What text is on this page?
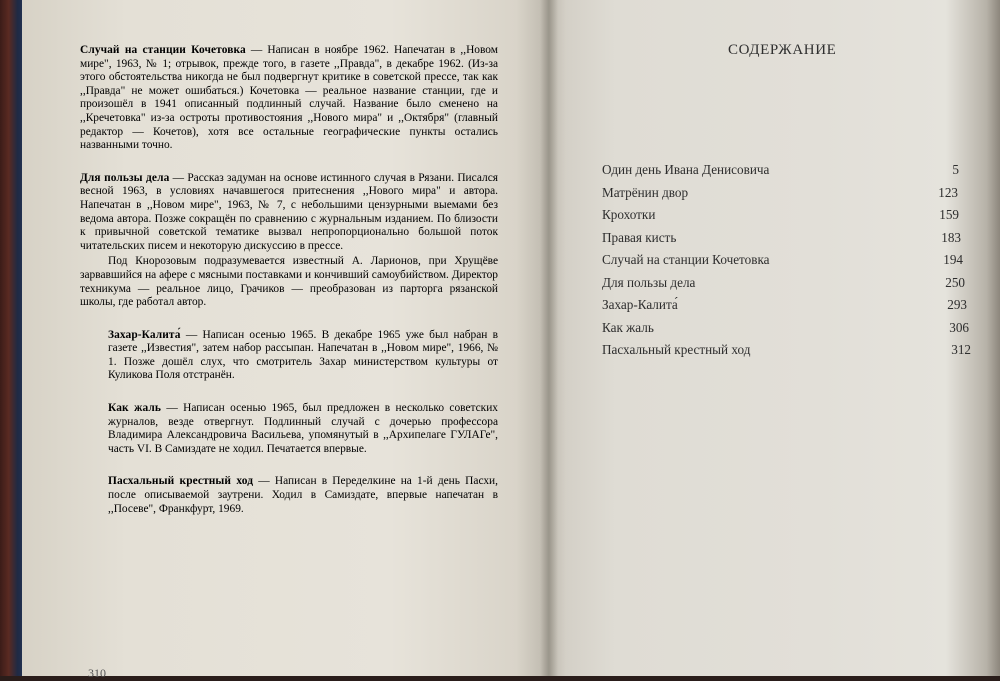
Случай на станции Кочетовка — Написан в ноябре 1962. Напечатан в ,,Новом мире", 1963, № 1; отрывок, прежде того, в газете ,,Правда", в декабре 1962. (Из-за этого обстоятельства никогда не был подвергнут критике в советской прессе, так как ,,Правда" не может ошибаться.) Кочетовка — реальное название станции, где и произошёл в 1941 описанный подлинный случай. Название было сменено на ,,Кречетовка" из-за остроты противостояния ,,Нового мира" и ,,Октября" (главный редактор — Кочетов), хотя все остальные географические пункты остались названными точно.

Для пользы дела — Рассказ задуман на основе истинного случая в Рязани. Писался весной 1963, в условиях начавшегося притеснения ,,Нового мира" и автора. Напечатан в ,,Новом мире", 1963, № 7, с небольшими цензурными выемами без ведома автора. Позже сокращён по сравнению с журнальным изданием. По близости к привычной советской тематике вызвал непропорционально большой поток читательских писем и некоторую дискуссию в прессе.

Под Кнорозовым подразумевается известный А. Ларионов, при Хрущёве зарвавшийся на афере с мясными поставками и кончивший самоубийством. Директор техникума — реальное лицо, Грачиков — преобразован из парторга рязанской школы, где работал автор.

Захар-Калита́ — Написан осенью 1965. В декабре 1965 уже был набран в газете ,,Известия", затем набор рассыпан. Напечатан в ,,Новом мире", 1966, № 1. Позже дошёл слух, что смотритель Захар министерством культуры от Куликова Поля отстранён.

Как жаль — Написан осенью 1965, был предложен в несколько советских журналов, везде отвергнут. Подлинный случай с дочерью профессора Владимира Александровича Васильева, упомянутый в ,,Архипелаге ГУЛАГе", часть VI. В Самиздате не ходил. Печатается впервые.

Пасхальный крестный ход — Написан в Переделкине на 1-й день Пасхи, после описываемой заутрени. Ходил в Самиздате, впервые напечатан в ,,Посеве", Франкфурт, 1969.

310
СОДЕРЖАНИЕ
Один день Ивана Денисовича	5
Матрёнин двор	123
Крохотки	159
Правая кисть	183
Случай на станции Кочетовка	194
Для пользы дела	250
Захар-Калита́	293
Как жаль	306
Пасхальный крестный ход	312
